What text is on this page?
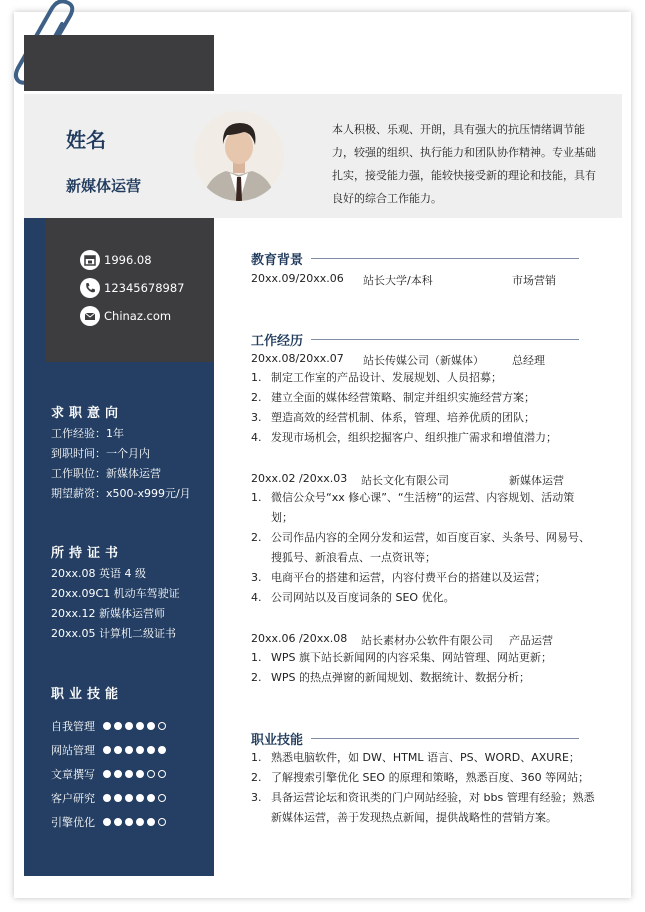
姓名
新媒体运营
本人积极、乐观、开朗，具有强大的抗压情绪调节能力，较强的组织、执行能力和团队协作精神。专业基础扎实，接受能力强，能较快接受新的理论和技能，具有良好的综合工作能力。
1996.08
12345678987
Chinaz.com
求职意向
工作经验：1年
到职时间：一个月内
工作职位：新媒体运营
期望薪资：x500-x999元/月
所持证书
20xx.08 英语 4 级
20xx.09C1 机动车驾驶证
20xx.12 新媒体运营师
20xx.05 计算机二级证书
职业技能
自我管理
网站管理
文章撰写
客户研究
引擎优化
教育背景
20xx.09/20xx.06 站长大学/本科	市场营销
工作经历
20xx.08/20xx.07 站长传媒公司（新媒体）	总经理
1. 制定工作室的产品设计、发展规划、人员招募；
2. 建立全面的媒体经营策略、制定并组织实施经营方案；
3. 塑造高效的经营机制、体系，管理、培养优质的团队；
4. 发现市场机会，组织挖掘客户、组织推广需求和增值潜力；
20xx.02 /20xx.03 站长文化有限公司	新媒体运营
1. 微信公众号“xx 修心课”、“生活榜”的运营、内容规划、活动策划；
2. 公司作品内容的全网分发和运营，如百度百家、头条号、网易号、搜狐号、新浪看点、一点资讯等；
3. 电商平台的搭建和运营，内容付费平台的搭建以及运营；
4. 公司网站以及百度词条的 SEO 优化。
20xx.06 /20xx.08 站长素材办公软件有限公司 产品运营
1. WPS 旗下站长新闻网的内容采集、网站管理、网站更新；
2. WPS 的热点弹窗的新闻规划、数据统计、数据分析；
职业技能
1. 熟悉电脑软件，如 DW、HTML 语言、PS、WORD、AXURE；
2. 了解搜索引擎优化 SEO 的原理和策略，熟悉百度、360 等网站；
3. 具备运营论坛和资讯类的门户网站经验，对 bbs 管理有经验；熟悉新媒体运营，善于发现热点新闻，提供战略性的营销方案。
